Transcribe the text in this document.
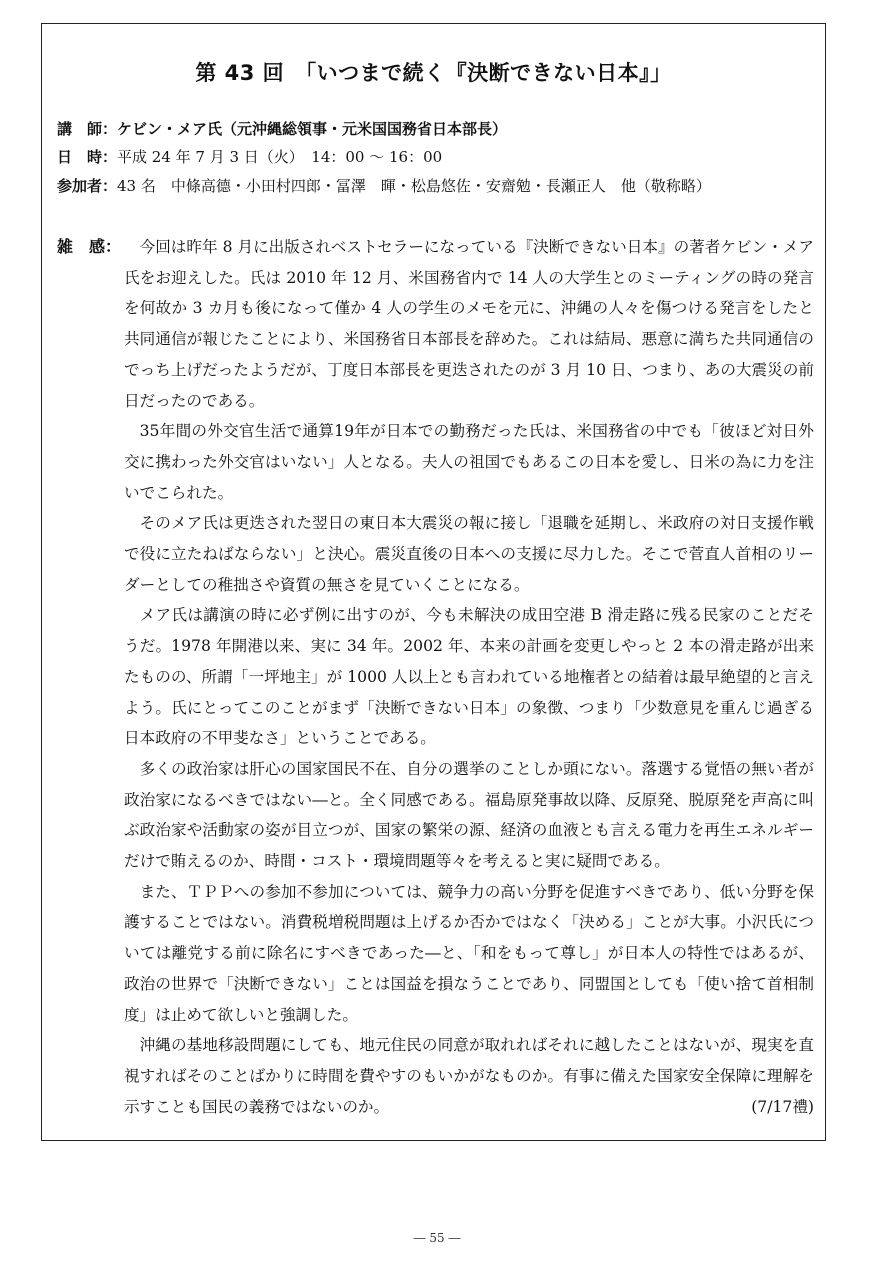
第 43 回　「いつまで続く『決断できない日本』」
講　師：ケビン・メア氏（元沖縄総領事・元米国国務省日本部長）
日　時：平成 24 年 7 月 3 日（火）　14：00 ～ 16：00
参加者：43 名　中條高德・小田村四郎・冨澤　暉・松島悠佐・安齋勉・長瀬正人　他（敬称略）
雑　感：	今回は昨年 8 月に出版されベストセラーになっている『決断できない日本』の著者ケビン・メア氏をお迎えした。氏は 2010 年 12 月、米国務省内で 14 人の大学生とのミーティングの時の発言を何故か 3 カ月も後になって僅か 4 人の学生のメモを元に、沖縄の人々を傷つける発言をしたと共同通信が報じたことにより、米国務省日本部長を辞めた。これは結局、悪意に満ちた共同通信のでっち上げだったようだが、丁度日本部長を更迭されたのが 3 月 10 日、つまり、あの大震災の前日だったのである。

35年間の外交官生活で通算19年が日本での勤務だった氏は、米国務省の中でも「彼ほど対日外交に携わった外交官はいない」人となる。夫人の祖国でもあるこの日本を愛し、日米の為に力を注いでこられた。

そのメア氏は更迭された翌日の東日本大震災の報に接し「退職を延期し、米政府の対日支援作戦で役に立たねばならない」と決心。震災直後の日本への支援に尽力した。そこで菅直人首相のリーダーとしての稚拙さや資質の無さを見ていくことになる。

メア氏は講演の時に必ず例に出すのが、今も未解決の成田空港 B 滑走路に残る民家のことだそうだ。1978 年開港以来、実に 34 年。2002 年、本来の計画を変更しやっと 2 本の滑走路が出来たものの、所謂「一坪地主」が 1000 人以上とも言われている地権者との結着は最早絶望的と言えよう。氏にとってこのことがまず「決断できない日本」の象徴、つまり「少数意見を重んじ過ぎる日本政府の不甲斐なさ」ということである。

多くの政治家は肝心の国家国民不在、自分の選挙のことしか頭にない。落選する覚悟の無い者が政治家になるべきではない―と。全く同感である。福島原発事故以降、反原発、脱原発を声高に叫ぶ政治家や活動家の姿が目立つが、国家の繁栄の源、経済の血液とも言える電力を再生エネルギーだけで賄えるのか、時間・コスト・環境問題等々を考えると実に疑問である。

また、ＴＰＰへの参加不参加については、競争力の高い分野を促進すべきであり、低い分野を保護することではない。消費税増税問題は上げるか否かではなく「決める」ことが大事。小沢氏については離党する前に除名にすべきであった―と、「和をもって尊し」が日本人の特性ではあるが、政治の世界で「決断できない」ことは国益を損なうことであり、同盟国としても「使い捨て首相制度」は止めて欲しいと強調した。

沖縄の基地移設問題にしても、地元住民の同意が取れればそれに越したことはないが、現実を直視すればそのことばかりに時間を費やすのもいかがなものか。有事に備えた国家安全保障に理解を示すことも国民の義務ではないのか。	(7/17禮)

― 55 ―
